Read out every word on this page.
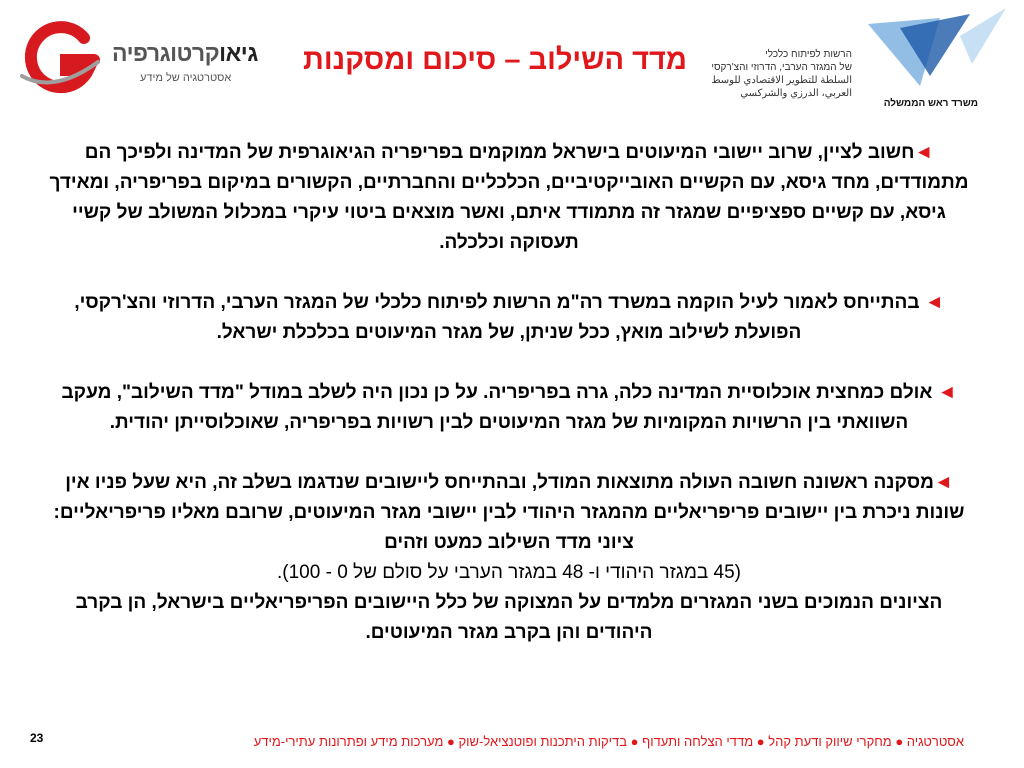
גיאוקרטוגרפיה
אסטרטגיה של מידע
מדד השילוב – סיכום ומסקנות	הרשות לפיתוח כלכלי
של המגזר הערבי, הדרוזי והצ'רקסי
السلطة للتطوير الاقتصادي للوسط
العربي، الدرزي والشركسي
משרד ראש הממשלה

◄חשוב לציין, שרוב יישובי המיעוטים בישראל ממוקמים בפריפריה הגיאוגרפית של המדינה ולפיכך הם מתמודדים, מחד גיסא, עם הקשיים האובייקטיביים, הכלכליים והחברתיים, הקשורים במיקום בפריפריה, ומאידך גיסא, עם קשיים ספציפיים שמגזר זה מתמודד איתם, ואשר מוצאים ביטוי עיקרי במכלול המשולב של קשיי תעסוקה וכלכלה.

◄ בהתייחס לאמור לעיל הוקמה במשרד רה"מ הרשות לפיתוח כלכלי של המגזר הערבי, הדרוזי והצ'רקסי, הפועלת לשילוב מואץ, ככל שניתן, של מגזר המיעוטים בכלכלת ישראל.

◄ אולם כמחצית אוכלוסיית המדינה כלה, גרה בפריפריה. על כן נכון היה לשלב במודל "מדד השילוב", מעקב השוואתי בין הרשויות המקומיות של מגזר המיעוטים לבין רשויות בפריפריה, שאוכלוסייתן יהודית.

◄מסקנה ראשונה חשובה העולה מתוצאות המודל, ובהתייחס ליישובים שנדגמו בשלב זה, היא שעל פניו אין שונות ניכרת בין יישובים פריפריאליים מהמגזר היהודי לבין יישובי מגזר המיעוטים, שרובם מאליו פריפריאליים: ציוני מדד השילוב כמעט וזהים
(45 במגזר היהודי ו- 48 במגזר הערבי על סולם של 0 - 100).
הציונים הנמוכים בשני המגזרים מלמדים על המצוקה של כלל היישובים הפריפריאליים בישראל, הן בקרב היהודים והן בקרב מגזר המיעוטים.

23	אסטרטגיה ● מחקרי שיווק ודעת קהל ● מדדי הצלחה ותעדוף ● בדיקות היתכנות ופוטנציאל-שוק ● מערכות מידע ופתרונות עתירי-מידע
